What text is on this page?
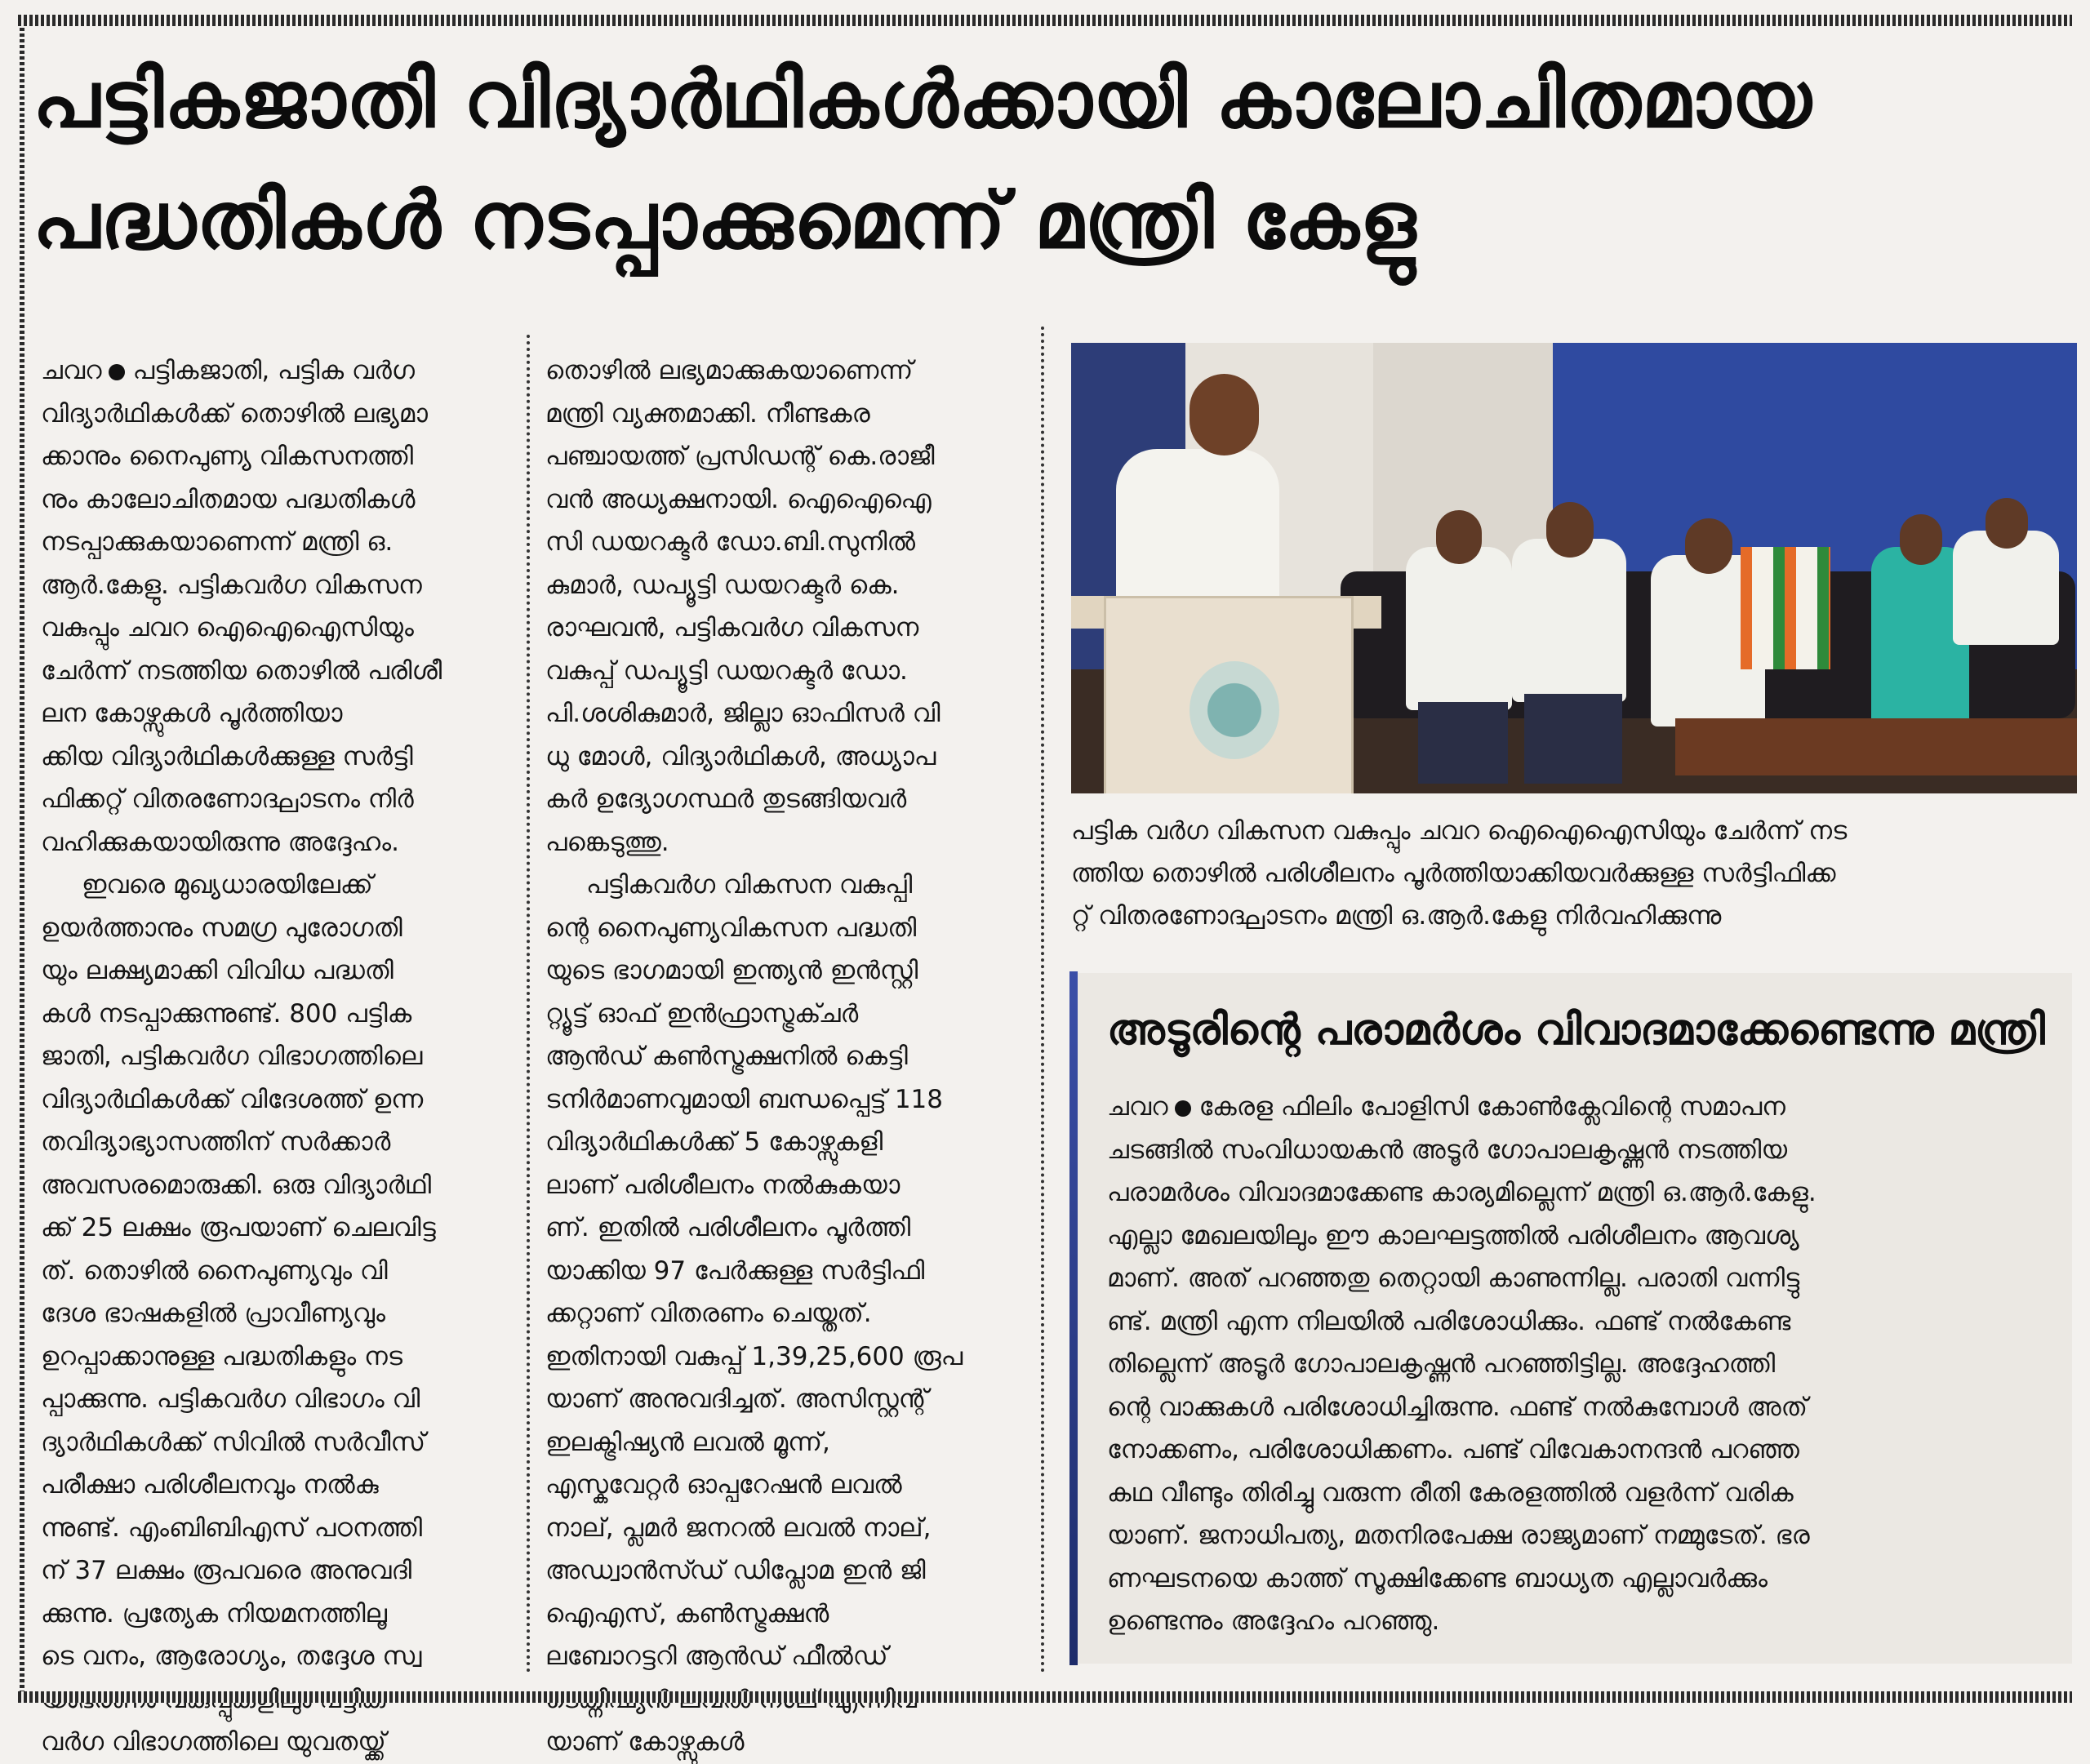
പട്ടികജാതി വിദ്യാർഥികൾക്കായി കാലോചിതമായ
പദ്ധതികൾ നടപ്പാക്കുമെന്ന് മന്ത്രി കേളു
ചവറ പട്ടികജാതി, പട്ടിക വർഗ
വിദ്യാർഥികൾക്ക് തൊഴിൽ ലഭ്യമാ
ക്കാനും നൈപുണ്യ വികസനത്തി
നും കാലോചിതമായ പദ്ധതികൾ
നടപ്പാക്കുകയാണെന്ന് മന്ത്രി ഒ.
ആർ.കേളു. പട്ടികവർഗ വികസന
വകുപ്പും ചവറ ഐഐഐസിയും
ചേർന്ന് നടത്തിയ തൊഴിൽ പരിശീ
ലന കോഴ്സുകൾ പൂർത്തിയാ
ക്കിയ വിദ്യാർഥികൾക്കുള്ള സർട്ടി
ഫിക്കറ്റ് വിതരണോദ്ഘാടനം നിർ
വഹിക്കുകയായിരുന്നു അദ്ദേഹം.
ഇവരെ മുഖ്യധാരയിലേക്ക്
ഉയർത്താനും സമഗ്ര പുരോഗതി
യും ലക്ഷ്യമാക്കി വിവിധ പദ്ധതി
കൾ നടപ്പാക്കുന്നുണ്ട്. 800 പട്ടിക
ജാതി, പട്ടികവർഗ വിഭാഗത്തിലെ
വിദ്യാർഥികൾക്ക് വിദേശത്ത് ഉന്ന
തവിദ്യാഭ്യാസത്തിന് സർക്കാർ
അവസരമൊരുക്കി. ഒരു വിദ്യാർഥി
ക്ക് 25 ലക്ഷം രൂപയാണ് ചെലവിട്ട
ത്. തൊഴിൽ നൈപുണ്യവും വി
ദേശ ഭാഷകളിൽ പ്രാവീണ്യവും
ഉറപ്പാക്കാനുള്ള പദ്ധതികളും നട
പ്പാക്കുന്നു. പട്ടികവർഗ വിഭാഗം വി
ദ്യാർഥികൾക്ക് സിവിൽ സർവീസ്
പരീക്ഷാ പരിശീലനവും നൽകു
ന്നുണ്ട്. എംബിബിഎസ് പഠനത്തി
ന് 37 ലക്ഷം രൂപവരെ അനുവദി
ക്കുന്നു. പ്രത്യേക നിയമനത്തിലൂ
ടെ വനം, ആരോഗ്യം, തദ്ദേശ സ്വ
വർഗ വിഭാഗത്തിലെ യുവതയ്ക്ക്
തൊഴിൽ ലഭ്യമാക്കുകയാണെന്ന്
മന്ത്രി വ്യക്തമാക്കി. നീണ്ടകര
പഞ്ചായത്ത് പ്രസിഡന്റ് കെ.രാജീ
വൻ അധ്യക്ഷനായി. ഐഐഐ
സി ഡയറക്ടർ ഡോ.ബി.സുനിൽ
കുമാർ, ഡപ്യൂട്ടി ഡയറക്ടർ കെ.
രാഘവൻ, പട്ടികവർഗ വികസന
വകുപ്പ് ഡപ്യൂട്ടി ഡയറക്ടർ ഡോ.
പി.ശശികുമാർ, ജില്ലാ ഓഫിസർ വി
ധു മോൾ, വിദ്യാർഥികൾ, അധ്യാപ
കർ ഉദ്യോഗസ്ഥർ തുടങ്ങിയവർ
പങ്കെടുത്തു.
പട്ടികവർഗ വികസന വകുപ്പി
ന്റെ നൈപുണ്യവികസന പദ്ധതി
യുടെ ഭാഗമായി ഇന്ത്യൻ ഇൻസ്റ്റി
റ്റ്യൂട്ട് ഓഫ് ഇൻഫ്രാസ്ട്രക്ചർ
ആൻഡ് കൺസ്ട്രക്ഷനിൽ കെട്ടി
ടനിർമാണവുമായി ബന്ധപ്പെട്ട് 118
വിദ്യാർഥികൾക്ക് 5 കോഴ്സുകളി
ലാണ് പരിശീലനം നൽകുകയാ
ണ്. ഇതിൽ പരിശീലനം പൂർത്തി
യാക്കിയ 97 പേർക്കുള്ള സർട്ടിഫി
ക്കറ്റാണ് വിതരണം ചെയ്തത്.
ഇതിനായി വകുപ്പ് 1,39,25,600 രൂപ
യാണ് അനുവദിച്ചത്. അസിസ്റ്റന്റ്
ഇലക്ട്രിഷ്യൻ ലവൽ മൂന്ന്,
എസ്കവേറ്റർ ഓപ്പറേഷൻ ലവൽ
നാല്, പ്ലമർ ജനറൽ ലവൽ നാല്,
അഡ്വാൻസ്ഡ് ഡിപ്ലോമ ഇൻ ജി
ഐഎസ്, കൺസ്ട്രക്ഷൻ
ലബോറട്ടറി ആൻഡ് ഫീൽഡ്
യാണ് കോഴ്സുകൾ
പട്ടിക വർഗ വികസന വകുപ്പും ചവറ ഐഐഐസിയും ചേർന്ന് നട
ത്തിയ തൊഴിൽ പരിശീലനം പൂർത്തിയാക്കിയവർക്കുള്ള സർട്ടിഫിക്ക
റ്റ് വിതരണോദ്ഘാടനം മന്ത്രി ഒ.ആർ.കേളു നിർവഹിക്കുന്നു
അടൂരിന്റെ പരാമർശം വിവാദമാക്കേണ്ടെന്നു മന്ത്രി
ചവറ കേരള ഫിലിം പോളിസി കോൺക്ലേവിന്റെ സമാപന
ചടങ്ങിൽ സംവിധായകൻ അടൂർ ഗോപാലകൃഷ്ണൻ നടത്തിയ
പരാമർശം വിവാദമാക്കേണ്ട കാര്യമില്ലെന്ന് മന്ത്രി ഒ.ആർ.കേളു.
എല്ലാ മേഖലയിലും ഈ കാലഘട്ടത്തിൽ പരിശീലനം ആവശ്യ
മാണ്. അത് പറഞ്ഞതു തെറ്റായി കാണുന്നില്ല. പരാതി വന്നിട്ടു
ണ്ട്. മന്ത്രി എന്ന നിലയിൽ പരിശോധിക്കും. ഫണ്ട് നൽകേണ്ട
തില്ലെന്ന് അടൂർ ഗോപാലകൃഷ്ണൻ പറഞ്ഞിട്ടില്ല. അദ്ദേഹത്തി
ന്റെ വാക്കുകൾ പരിശോധിച്ചിരുന്നു. ഫണ്ട് നൽകുമ്പോൾ അത്
നോക്കണം, പരിശോധിക്കണം. പണ്ട് വിവേകാനന്ദൻ പറഞ്ഞ
കഥ വീണ്ടും തിരിച്ചു വരുന്ന രീതി കേരളത്തിൽ വളർന്ന് വരിക
യാണ്. ജനാധിപത്യ, മതനിരപേക്ഷ രാജ്യമാണ് നമ്മുടേത്. ഭര
ണഘടനയെ കാത്ത് സൂക്ഷിക്കേണ്ട ബാധ്യത എല്ലാവർക്കും
ഉണ്ടെന്നും അദ്ദേഹം പറഞ്ഞു.
